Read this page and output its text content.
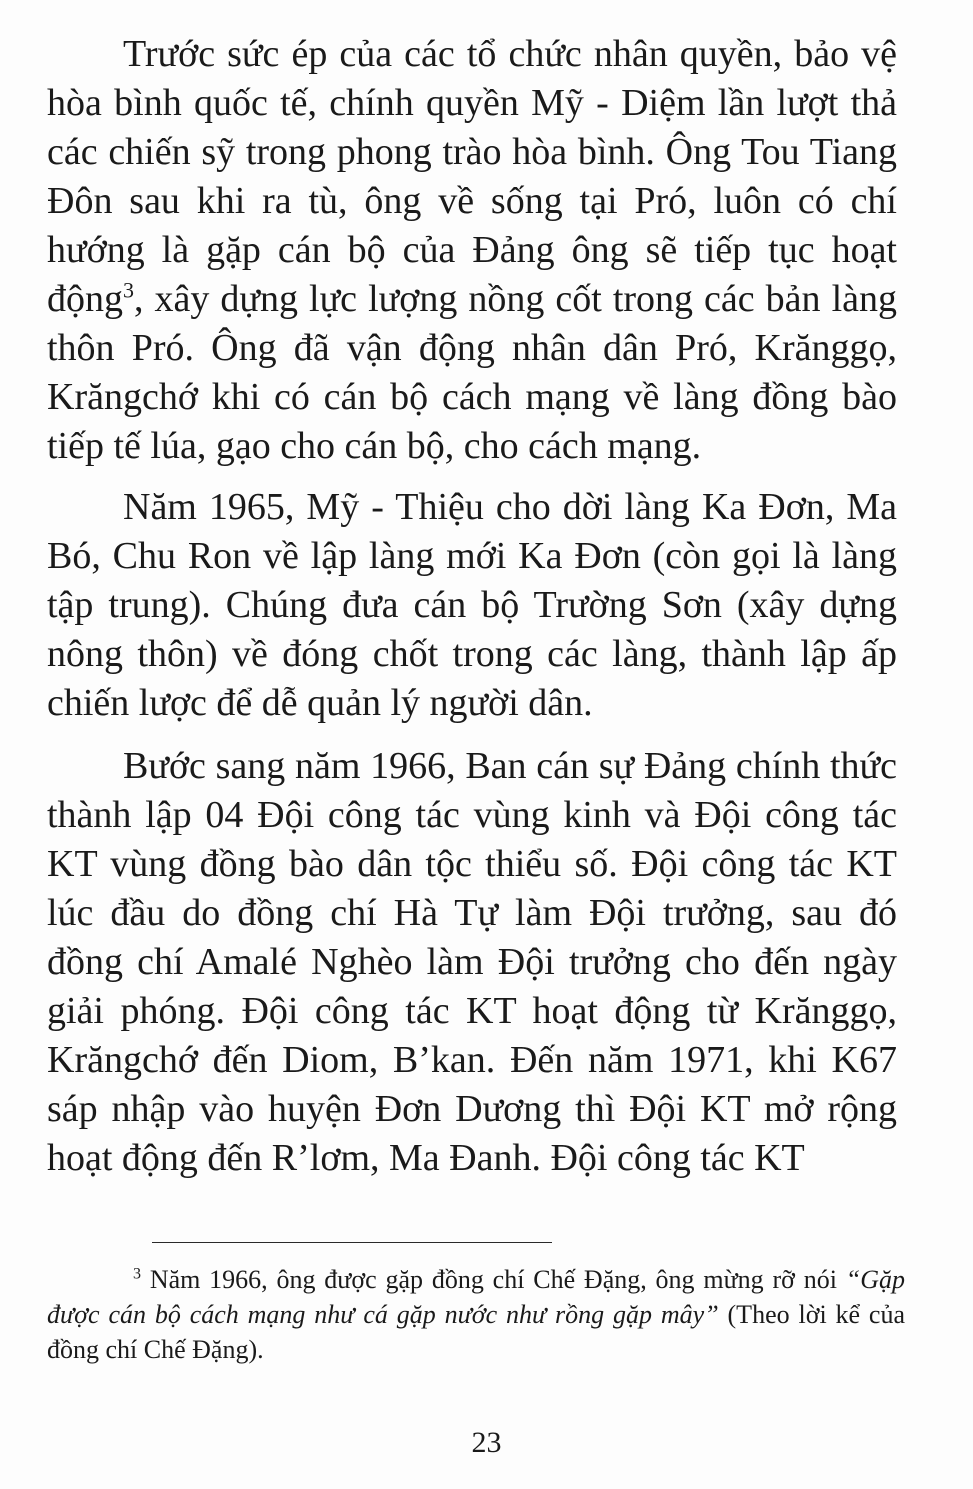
Trước sức ép của các tổ chức nhân quyền, bảo vệ hòa bình quốc tế, chính quyền Mỹ - Diệm lần lượt thả các chiến sỹ trong phong trào hòa bình. Ông Tou Tiang Đôn sau khi ra tù, ông về sống tại Pró, luôn có chí hướng là gặp cán bộ của Đảng ông sẽ tiếp tục hoạt động$^3$, xây dựng lực lượng nồng cốt trong các bản làng thôn Pró. Ông đã vận động nhân dân Pró, Krănggọ, Krăngchớ khi có cán bộ cách mạng về làng đồng bào tiếp tế lúa, gạo cho cán bộ, cho cách mạng.

Năm 1965, Mỹ - Thiệu cho dời làng Ka Đơn, Ma Bó, Chu Ron về lập làng mới Ka Đơn (còn gọi là làng tập trung). Chúng đưa cán bộ Trường Sơn (xây dựng nông thôn) về đóng chốt trong các làng, thành lập ấp chiến lược để dễ quản lý người dân.

Bước sang năm 1966, Ban cán sự Đảng chính thức thành lập 04 Đội công tác vùng kinh và Đội công tác KT vùng đồng bào dân tộc thiểu số. Đội công tác KT lúc đầu do đồng chí Hà Tự làm Đội trưởng, sau đó đồng chí Amalé Nghèo làm Đội trưởng cho đến ngày giải phóng. Đội công tác KT hoạt động từ Krănggọ, Krăngchớ đến Diom, B’kan. Đến năm 1971, khi K67 sáp nhập vào huyện Đơn Dương thì Đội KT mở rộng hoạt động đến R’lơm, Ma Đanh. Đội công tác KT

$^3$ Năm 1966, ông được gặp đồng chí Chế Đặng, ông mừng rỡ nói “Gặp được cán bộ cách mạng như cá gặp nước như rồng gặp mây” (Theo lời kể của đồng chí Chế Đặng).

23
